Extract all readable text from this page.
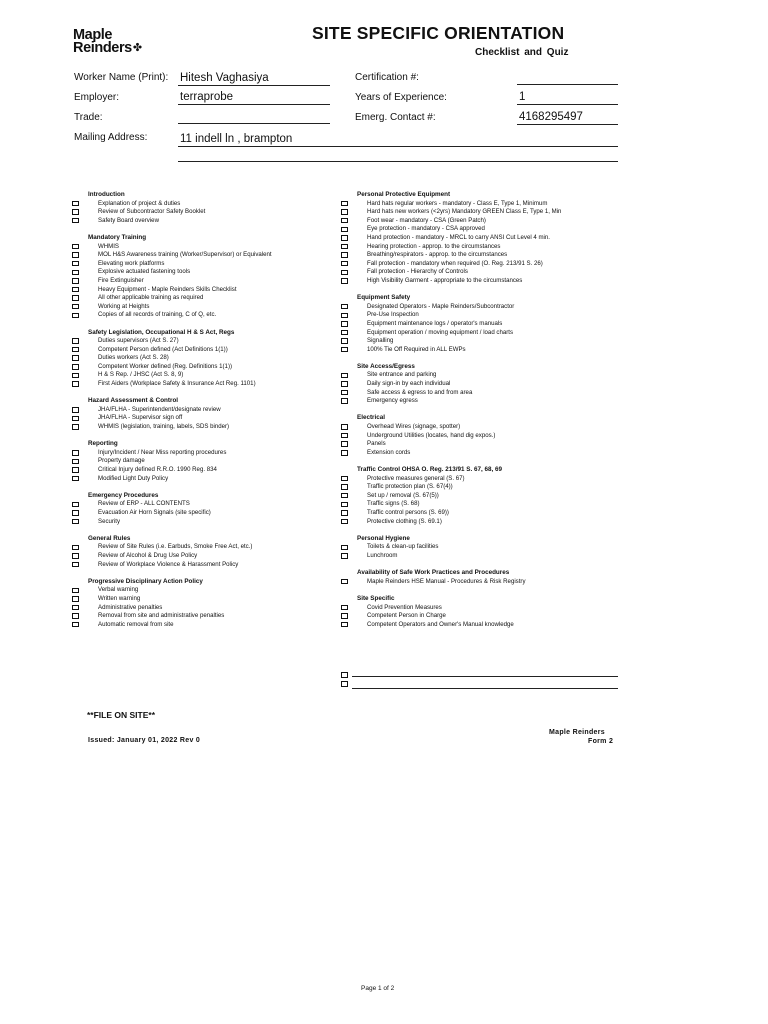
Maple
Reinders✤
SITE SPECIFIC ORIENTATION
Checklist and Quiz
Worker Name (Print): Hitesh Vaghasiya
Employer:	terraprobe
Trade:
Mailing Address:	11 indell ln , brampton
Certification #:
Years of Experience:	1
Emerg. Contact #:	4168295497
Introduction
Explanation of project & duties
Review of Subcontractor Safety Booklet
Safety Board overview
Mandatory Training
WHMIS
MOL H&S Awareness training (Worker/Supervisor) or Equivalent
Elevating work platforms
Explosive actuated fastening tools
Fire Extinguisher
Heavy Equipment - Maple Reinders Skills Checklist
All other applicable training as required
Working at Heights
Copies of all records of training, C of Q, etc.
Safety Legislation, Occupational H & S Act, Regs
Duties supervisors (Act S. 27)
Competent Person defined (Act Definitions 1(1))
Duties workers (Act S. 28)
Competent Worker defined (Reg. Definitions 1(1))
H & S Rep. / JHSC (Act S. 8, 9)
First Aiders (Workplace Safety & Insurance Act Reg. 1101)
Hazard Assessment & Control
JHA/FLHA - Superintendent/designate review
JHA/FLHA - Supervisor sign off
WHMIS (legislation, training, labels, SDS binder)
Reporting
Injury/Incident / Near Miss reporting procedures
Property damage
Critical Injury defined R.R.O. 1990 Reg. 834
Modified Light Duty Policy
Emergency Procedures
Review of ERP - ALL CONTENTS
Evacuation Air Horn Signals (site specific)
Security
General Rules
Review of Site Rules (i.e. Earbuds, Smoke Free Act, etc.)
Review of Alcohol & Drug Use Policy
Review of Workplace Violence & Harassment Policy
Progressive Disciplinary Action Policy
Verbal warning
Written warning
Administrative penalties
Removal from site and administrative penalties
Automatic removal from site
Personal Protective Equipment
Hard hats regular workers - mandatory - Class E, Type 1, Minimum
Hard hats new workers (<2yrs) Mandatory GREEN Class E, Type 1, Min
Foot wear - mandatory - CSA (Green Patch)
Eye protection - mandatory - CSA approved
Hand protection - mandatory - MRCL to carry ANSI Cut Level 4 min.
Hearing protection - approp. to the circumstances
Breathing/respirators - approp. to the circumstances
Fall protection - mandatory when required (O. Reg. 213/91 S. 26)
Fall protection - Hierarchy of Controls
High Visibility Garment - appropriate to the circumstances
Equipment Safety
Designated Operators - Maple Reinders/Subcontractor
Pre-Use Inspection
Equipment maintenance logs / operator's manuals
Equipment operation / moving equipment / load charts
Signalling
100% Tie Off Required in ALL EWPs
Site Access/Egress
Site entrance and parking
Daily sign-in by each individual
Safe access & egress to and from area
Emergency egress
Electrical
Overhead Wires (signage, spotter)
Underground Utilities (locates, hand dig expos.)
Panels
Extension cords
Traffic Control OHSA O. Reg. 213/91 S. 67, 68, 69
Protective measures general (S. 67)
Traffic protection plan (S. 67(4))
Set up / removal (S. 67(5))
Traffic signs (S. 68)
Traffic control persons (S. 69))
Protective clothing (S. 69.1)
Personal Hygiene
Toilets & clean-up facilities
Lunchroom
Availability of Safe Work Practices and Procedures
Maple Reinders HSE Manual - Procedures & Risk Registry
Site Specific
Covid Prevention Measures
Competent Person in Charge
Competent Operators and Owner's Manual knowledge
**FILE ON SITE**
Issued: January 01, 2022 Rev 0
Maple Reinders
Form 2
Page 1 of 2
